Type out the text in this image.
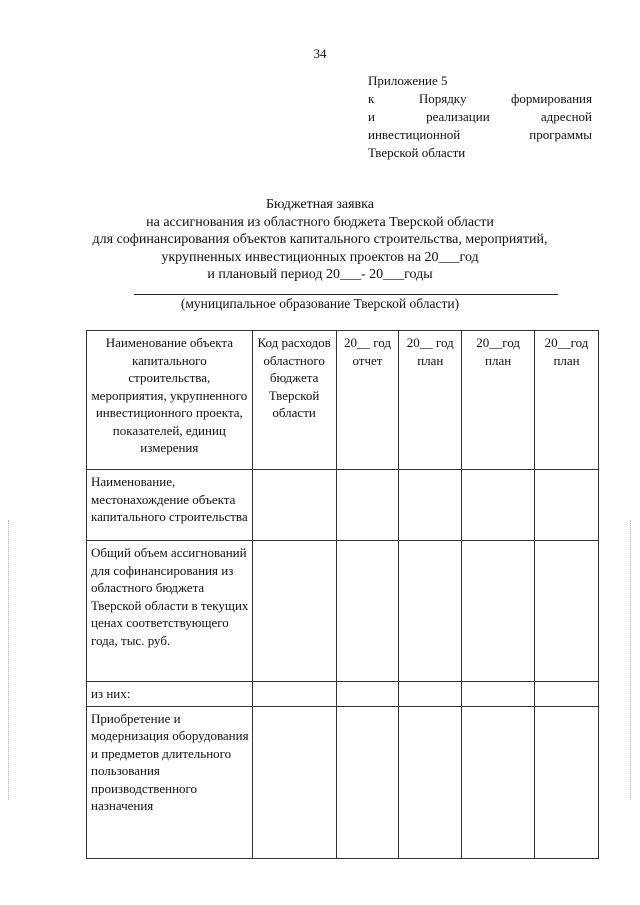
34
Приложение 5
к	Порядку	формирования
и	реализации	адресной
инвестиционной	программы
Тверской области
Бюджетная заявка
на ассигнования из областного бюджета Тверской области
для софинансирования объектов капитального строительства, мероприятий,
укрупненных инвестиционных проектов на 20___год
и плановый период 20___- 20___годы
(муниципальное образование Тверской области)
Наименование объекта капитального строительства, мероприятия, укрупненного инвестиционного проекта, показателей, единиц измерения	Код расходов областного бюджета Тверской области	20__ год отчет	20__ год план	20__год план	20__год план
Наименование, местонахождение объекта капитального строительства					
Общий объем ассигнований для софинансирования из областного бюджета Тверской области в текущих ценах соответствующего года, тыс. руб.					
из них:					
Приобретение и модернизация оборудования и предметов длительного пользования производственного назначения					
